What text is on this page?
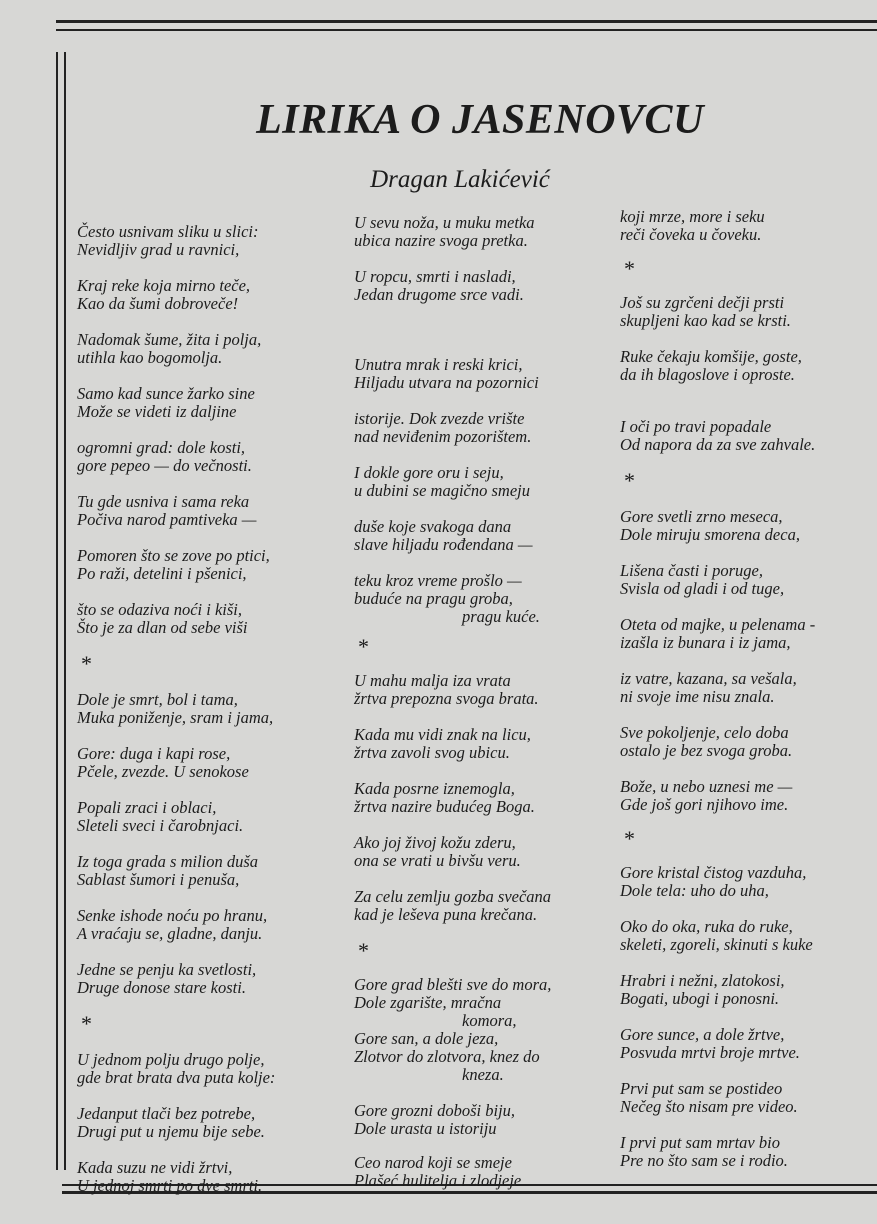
LIRIKA O JASENOVCU
Dragan Lakićević
Često usnivam sliku u slici:
Nevidljiv grad u ravnici,
Kraj reke koja mirno teče,
Kao da šumi dobroveče!
Nadomak šume, žita i polja,
utihla kao bogomolja.
Samo kad sunce žarko sine
Može se videti iz daljine
ogromni grad: dole kosti,
gore pepeo — do večnosti.
Tu gde usniva i sama reka
Počiva narod pamtiveka —
Pomoren što se zove po ptici,
Po raži, detelini i pšenici,
što se odaziva noći i kiši,
Što je za dlan od sebe viši
*
Dole je smrt, bol i tama,
Muka poniženje, sram i jama,
Gore: duga i kapi rose,
Pčele, zvezde. U senokose
Popali zraci i oblaci,
Sleteli sveci i čarobnjaci.
Iz toga grada s milion duša
Sablast šumori i penuša,
Senke ishode noću po hranu,
A vraćaju se, gladne, danju.
Jedne se penju ka svetlosti,
Druge donose stare kosti.
*
U jednom polju drugo polje,
gde brat brata dva puta kolje:
Jedanput tlači bez potrebe,
Drugi put u njemu bije sebe.
Kada suzu ne vidi žrtvi,
U jednoj smrti po dve smrti.
U sevu noža, u muku metka
ubica nazire svoga pretka.
U ropcu, smrti i nasladi,
Jedan drugome srce vadi.
Unutra mrak i reski krici,
Hiljadu utvara na pozornici
istorije. Dok zvezde vrište
nad neviđenim pozorištem.
I dokle gore oru i seju,
u dubini se magično smeju
duše koje svakoga dana
slave hiljadu rođendana —
teku kroz vreme prošlo —
buduće na pragu groba,
pragu kuće.
*
U mahu malja iza vrata
žrtva prepozna svoga brata.
Kada mu vidi znak na licu,
žrtva zavoli svog ubicu.
Kada posrne iznemogla,
žrtva nazire budućeg Boga.
Ako joj živoj kožu zderu,
ona se vrati u bivšu veru.
Za celu zemlju gozba svečana
kad je leševa puna krečana.
*
Gore grad blešti sve do mora,
Dole zgarište, mračna
komora,
Gore san, a dole jeza,
Zlotvor do zlotvora, knez do
kneza.
Gore grozni doboši biju,
Dole urasta u istoriju
Ceo narod koji se smeje
Plašeć hulitelja i zlodjeje
koji mrze, more i seku
reči čoveka u čoveku.
*
Još su zgrčeni dečji prsti
skupljeni kao kad se krsti.
Ruke čekaju komšije, goste,
da ih blagoslove i oproste.
I oči po travi popadale
Od napora da za sve zahvale.
*
Gore svetli zrno meseca,
Dole miruju smorena deca,
Lišena časti i poruge,
Svisla od gladi i od tuge,
Oteta od majke, u pelenama -
izašla iz bunara i iz jama,
iz vatre, kazana, sa vešala,
ni svoje ime nisu znala.
Sve pokoljenje, celo doba
ostalo je bez svoga groba.
Bože, u nebo uznesi me —
Gde još gori njihovo ime.
*
Gore kristal čistog vazduha,
Dole tela: uho do uha,
Oko do oka, ruka do ruke,
skeleti, zgoreli, skinuti s kuke
Hrabri i nežni, zlatokosi,
Bogati, ubogi i ponosni.
Gore sunce, a dole žrtve,
Posvuda mrtvi broje mrtve.
Prvi put sam se postideo
Nečeg što nisam pre video.
I prvi put sam mrtav bio
Pre no što sam se i rodio.
